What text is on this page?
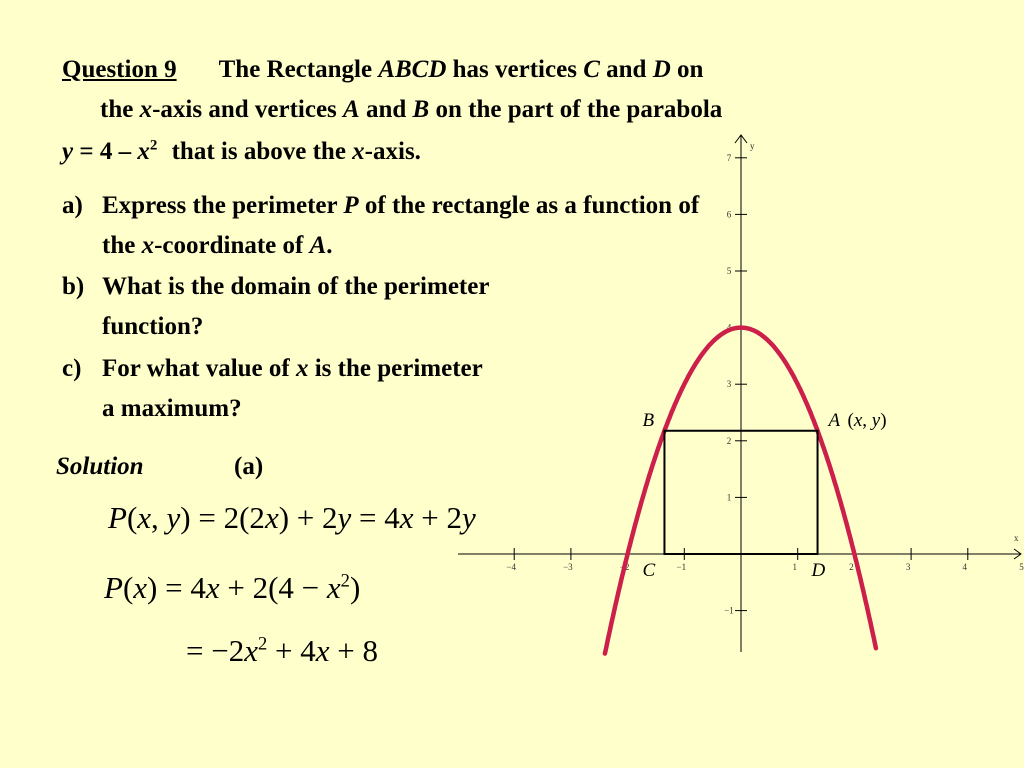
Question 9 The Rectangle ABCD has vertices C and D on
the x-axis and vertices A and B on the part of the parabola
$y = 4 - x^2$ that is above the x-axis.
a) Express the perimeter P of the rectangle as a function of
the x-coordinate of A.
b) What is the domain of the perimeter
function?
c) For what value of x is the perimeter
a maximum?
Solution	(a)
P(x, y) = 2(2x) + 2y = 4x + 2y
$P(x) = 4x + 2(4 - x^2)$
= $-2x^2 + 4x + 8$
−4	−3	−2	−1	1	2	3	4	5
7
6
5
4
3
2
1
−1
B	A (x, y)
C	D
y
x
